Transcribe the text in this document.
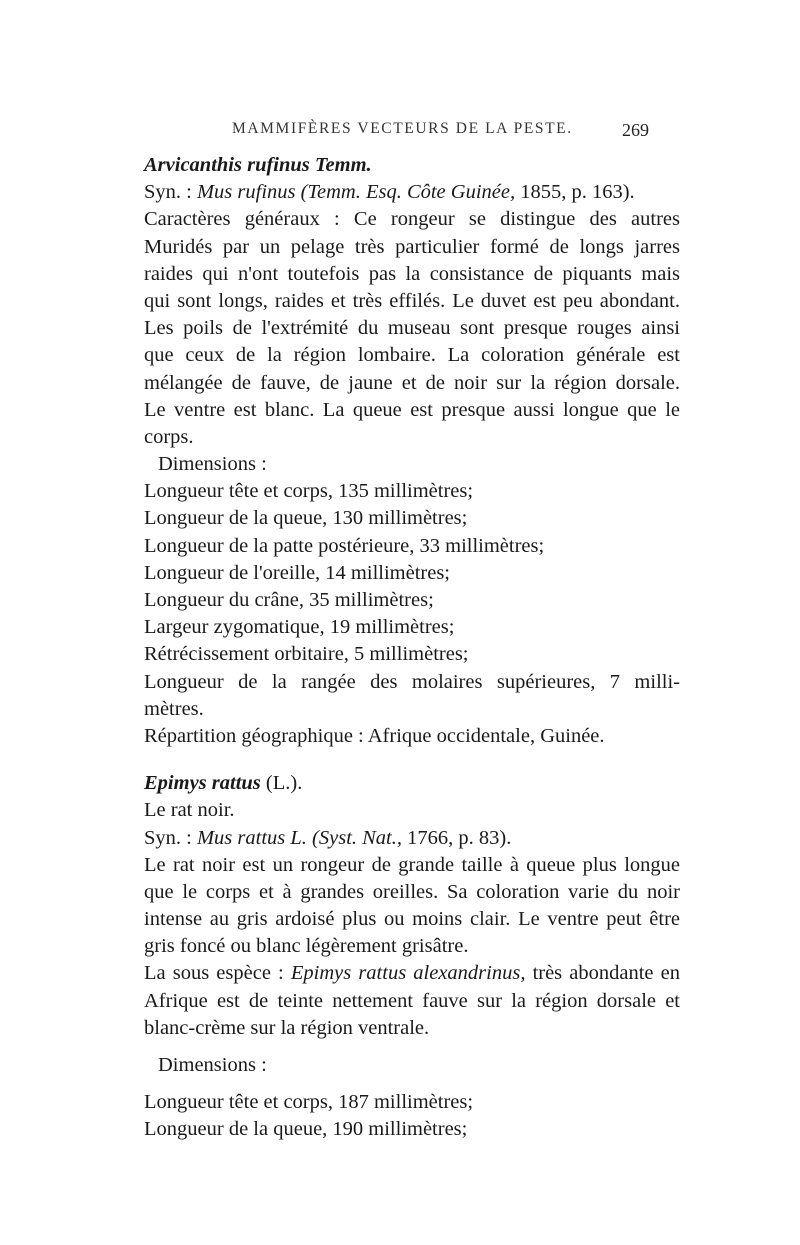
MAMMIFÈRES VECTEURS DE LA PESTE.	269
Arvicanthis rufinus Temm.
Syn. : Mus rufinus (Temm. Esq. Côte Guinée, 1855, p. 163).
Caractères généraux : Ce rongeur se distingue des autres
Muridés par un pelage très particulier formé de longs jarres
raides qui n'ont toutefois pas la consistance de piquants mais
qui sont longs, raides et très effilés. Le duvet est peu abondant.
Les poils de l'extrémité du museau sont presque rouges ainsi
que ceux de la région lombaire. La coloration générale est
mélangée de fauve, de jaune et de noir sur la région dorsale.
Le ventre est blanc. La queue est presque aussi longue que le
corps.
Dimensions :
Longueur tête et corps, 135 millimètres;
Longueur de la queue, 130 millimètres;
Longueur de la patte postérieure, 33 millimètres;
Longueur de l'oreille, 14 millimètres;
Longueur du crâne, 35 millimètres;
Largeur zygomatique, 19 millimètres;
Rétrécissement orbitaire, 5 millimètres;
Longueur de la rangée des molaires supérieures, 7 milli-
mètres.
Répartition géographique : Afrique occidentale, Guinée.
Epimys rattus (L.).
Le rat noir.
Syn. : Mus rattus L. (Syst. Nat., 1766, p. 83).
Le rat noir est un rongeur de grande taille à queue plus longue
que le corps et à grandes oreilles. Sa coloration varie du noir
intense au gris ardoisé plus ou moins clair. Le ventre peut être
gris foncé ou blanc légèrement grisâtre.
La sous espèce : Epimys rattus alexandrinus, très abondante en
Afrique est de teinte nettement fauve sur la région dorsale et
blanc-crème sur la région ventrale.
Dimensions :
Longueur tête et corps, 187 millimètres;
Longueur de la queue, 190 millimètres;
